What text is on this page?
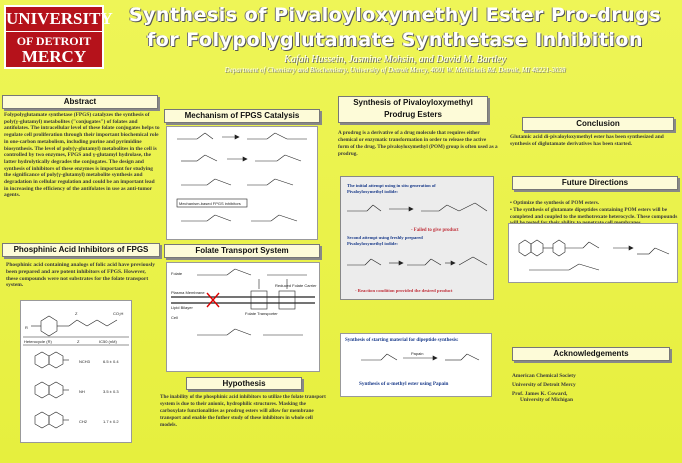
UNIVERSITY
OF DETROIT
MERCY
Synthesis of Pivaloyloxymethyl Ester Pro-drugs
for Folypolyglutamate Synthetase Inhibition
Kafah Hussein, Jasmine Mohsin, and David M. Bartley
Department of Chemistry and Biochemistry, University of Detroit Mercy, 4001 W. McNichols Rd. Detroit, MI 48221-3038
Abstract
Folypolyglutamate synthetase (FPGS) catalyzes the synthesis of poly(γ-glutamyl) metabolites ("conjugates") of folates and antifolates. The intracellular level of these folate conjugates helps to regulate cell proliferation through their important biochemical role in one-carbon metabolism, including purine and pyrimidine biosynthesis. The level of poly(γ-glutamyl) metabolites in the cell is controlled by two enzymes, FPGS and γ-glutamyl hydrolase, the latter hydrolytically degrades the conjugates. The design and synthesis of inhibitors of these enzymes is important for studying the significance of poly(γ-glutamyl) metabolite synthesis and degradation in cellular regulation and could be an important lead in increasing the efficiency of the antifolates in use as anti-tumor agents.
Phosphinic Acid Inhibitors of FPGS
Phosphinic acid containing analogs of folic acid have previously been prepared and are potent inhibitors of FPGS. However, these compounds were not substrates for the folate transport system.
R
Z	CO₂H
Heterocycle (R)	Z	IC50 (nM)
NCH3	6.5 ± 0.4
NH	3.5 ± 0.3
CH2	1.7 ± 0.2
Mechanism of FPGS Catalysis
Mechanism-based FPGS inhibitors
Folate Transport System
Folate
Plasma Membrane
Lipid Bilayer
Cell
Folate Transporter
Reduced Folate Carrier
Hypothesis
The inability of the phosphinic acid inhibitors to utilize the folate transport system is due to their anionic, hydrophilic structures. Masking the carboxylate functionalities as prodrug esters will allow for membrane transport and enable the futher study of these inhibitors in whole cell models.
Synthesis of Pivaloyloxymethyl
Prodrug Esters
A prodrug is a derivative of a drug molecule that requires either chemical or enzymatic transformation in order to release the active form of the drug. The pivaloyloxymethyl (POM) group is often used as a prodrug.
The initial attempt using in situ generation of Pivaloyloxymethyl iodide:
- Failed to give product
Second attempt using freshly prepared Pivaloyloxymethyl iodide:
- Reaction condition provided the desired product
Synthesis of starting material for dipeptide synthesis:
Papain
Synthesis of α-methyl ester using Papain
Conclusion
Glutamic acid di-pivaloyloxymethyl ester has been synthesized and synthesis of diglutamate derivatives has been started.
Future Directions
• Optimize the synthesis of POM esters.
• The synthesis of glutamate dipeptides containing POM esters will be completed and coupled to the methotrexate heterocycle. These compounds
Acknowledgements
American Chemical Society
University of Detroit Mercy
Prof. James K. Coward,
University of Michigan
